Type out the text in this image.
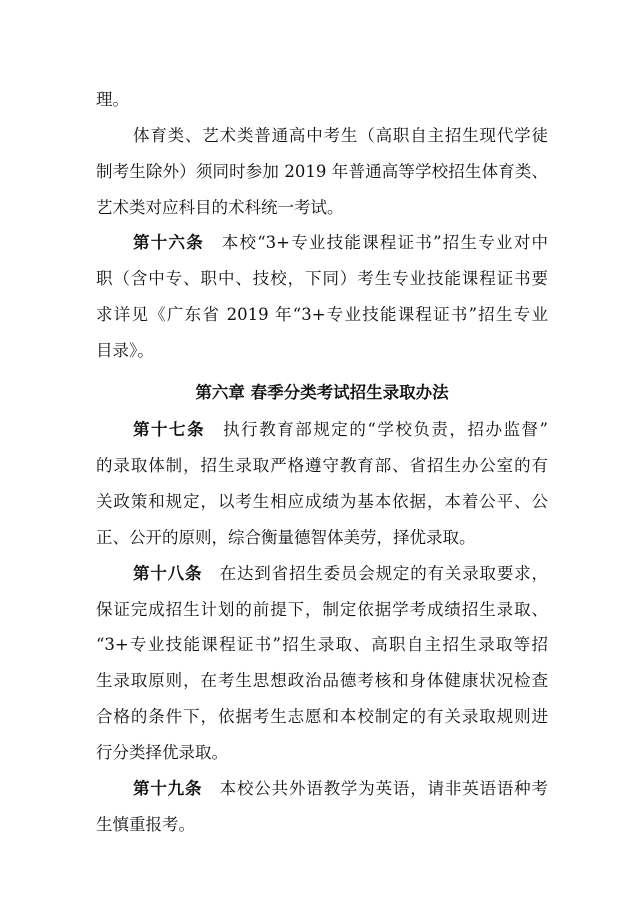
理。
体育类、艺术类普通高中考生（高职自主招生现代学徒
制考生除外）须同时参加 2019 年普通高等学校招生体育类、
艺术类对应科目的术科统一考试。
第十六条  本校“3+专业技能课程证书”招生专业对中
职（含中专、职中、技校，下同）考生专业技能课程证书要
求详见《广东省 2019 年“3+专业技能课程证书”招生专业
目录》。
第六章 春季分类考试招生录取办法
第十七条  执行教育部规定的“学校负责，招办监督”
的录取体制，招生录取严格遵守教育部、省招生办公室的有
关政策和规定，以考生相应成绩为基本依据，本着公平、公
正、公开的原则，综合衡量德智体美劳，择优录取。
第十八条  在达到省招生委员会规定的有关录取要求，
保证完成招生计划的前提下，制定依据学考成绩招生录取、
“3+专业技能课程证书”招生录取、高职自主招生录取等招
生录取原则，在考生思想政治品德考核和身体健康状况检查
合格的条件下，依据考生志愿和本校制定的有关录取规则进
行分类择优录取。
第十九条  本校公共外语教学为英语，请非英语语种考
生慎重报考。
